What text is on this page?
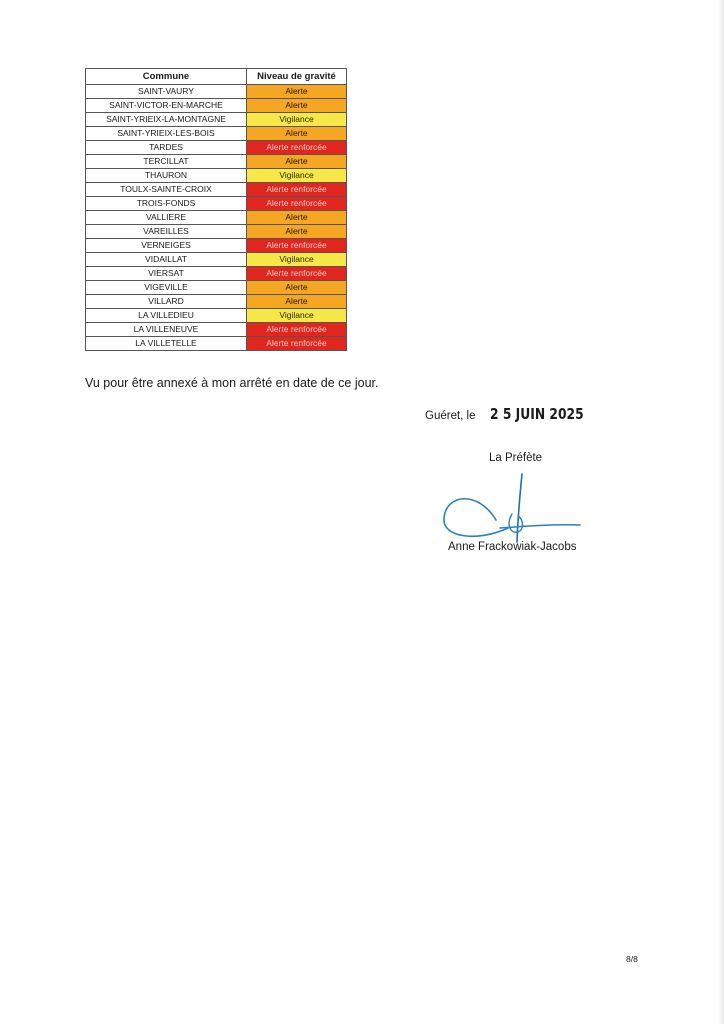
Commune	Niveau de gravité
SAINT-VAURY	Alerte
SAINT-VICTOR-EN-MARCHE	Alerte
SAINT-YRIEIX-LA-MONTAGNE	Vigilance
SAINT-YRIEIX-LES-BOIS	Alerte
TARDES	Alerte renforcée
TERCILLAT	Alerte
THAURON	Vigilance
TOULX-SAINTE-CROIX	Alerte renforcée
TROIS-FONDS	Alerte renforcée
VALLIERE	Alerte
VAREILLES	Alerte
VERNEIGES	Alerte renforcée
VIDAILLAT	Vigilance
VIERSAT	Alerte renforcée
VIGEVILLE	Alerte
VILLARD	Alerte
LA VILLEDIEU	Vigilance
LA VILLENEUVE	Alerte renforcée
LA VILLETELLE	Alerte renforcée
Vu pour être annexé à mon arrêté en date de ce jour.
Guéret, le 2 5 JUIN 2025
La Préfète
Anne Frackowiak-Jacobs
8/8
